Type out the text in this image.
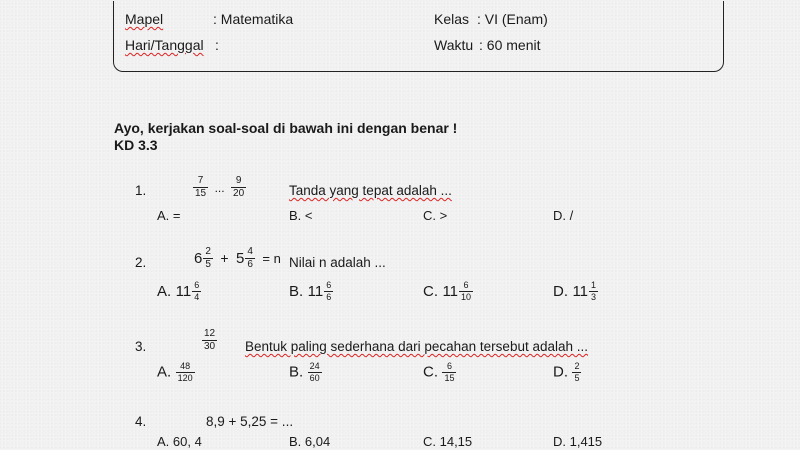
Mapel	: Matematika	Kelas : VI (Enam)
Hari/Tanggal :	Waktu : 60 menit
Ayo, kerjakan soal-soal di bawah ini dengan benar !
KD 3.3
1.	$\frac{7}{15}$ ... $\frac{9}{20}$	Tanda yang tepat adalah ...
A. =	B. <	C. >	D. /
2.	$6 \frac{2}{5} + 5 \frac{4}{6} = n$ Nilai n adalah ...
A. $11 \frac{6}{4}$	B. $11 \frac{6}{6}$	C. $11 \frac{6}{10}$	D. $11 \frac{1}{3}$
3.	$\frac{12}{30}$ Bentuk paling sederhana dari pecahan tersebut adalah ...
A. $\frac{48}{120}$	B. $\frac{24}{60}$	C. $\frac{6}{15}$	D. $\frac{2}{5}$
4.	8,9 + 5,25 = ...
A. 60, 4	B. 6,04	C. 14,15	D. 1,415
